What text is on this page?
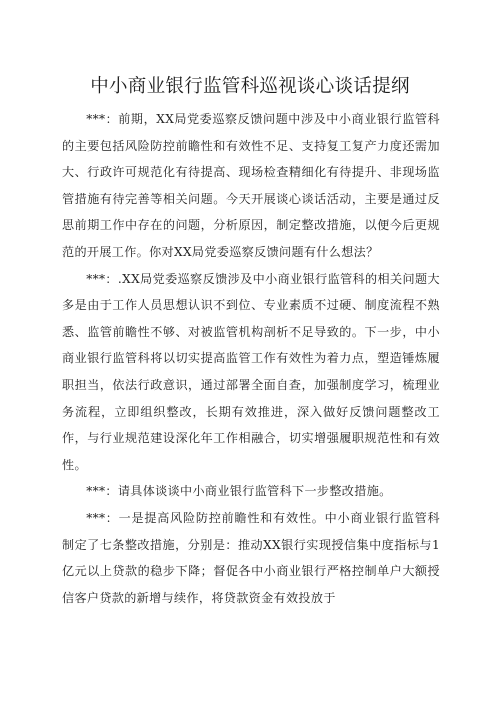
中小商业银行监管科巡视谈心谈话提纲

***：前期，XX局党委巡察反馈问题中涉及中小商业银行监管科的主要包括风险防控前瞻性和有效性不足、支持复工复产力度还需加大、行政许可规范化有待提高、现场检查精细化有待提升、非现场监管措施有待完善等相关问题。今天开展谈心谈话活动，主要是通过反思前期工作中存在的问题，分析原因，制定整改措施，以便今后更规范的开展工作。你对XX局党委巡察反馈问题有什么想法？

***：.XX局党委巡察反馈涉及中小商业银行监管科的相关问题大多是由于工作人员思想认识不到位、专业素质不过硬、制度流程不熟悉、监管前瞻性不够、对被监管机构剖析不足导致的。下一步，中小商业银行监管科将以切实提高监管工作有效性为着力点，塑造锤炼履职担当，依法行政意识，通过部署全面自查，加强制度学习，梳理业务流程，立即组织整改，长期有效推进，深入做好反馈问题整改工作，与行业规范建设深化年工作相融合，切实增强履职规范性和有效性。

***：请具体谈谈中小商业银行监管科下一步整改措施。

***：一是提高风险防控前瞻性和有效性。中小商业银行监管科制定了七条整改措施，分别是：推动XX银行实现授信集中度指标与1亿元以上贷款的稳步下降；督促各中小商业银行严格控制单户大额授信客户贷款的新增与续作，将贷款资金有效投放于
